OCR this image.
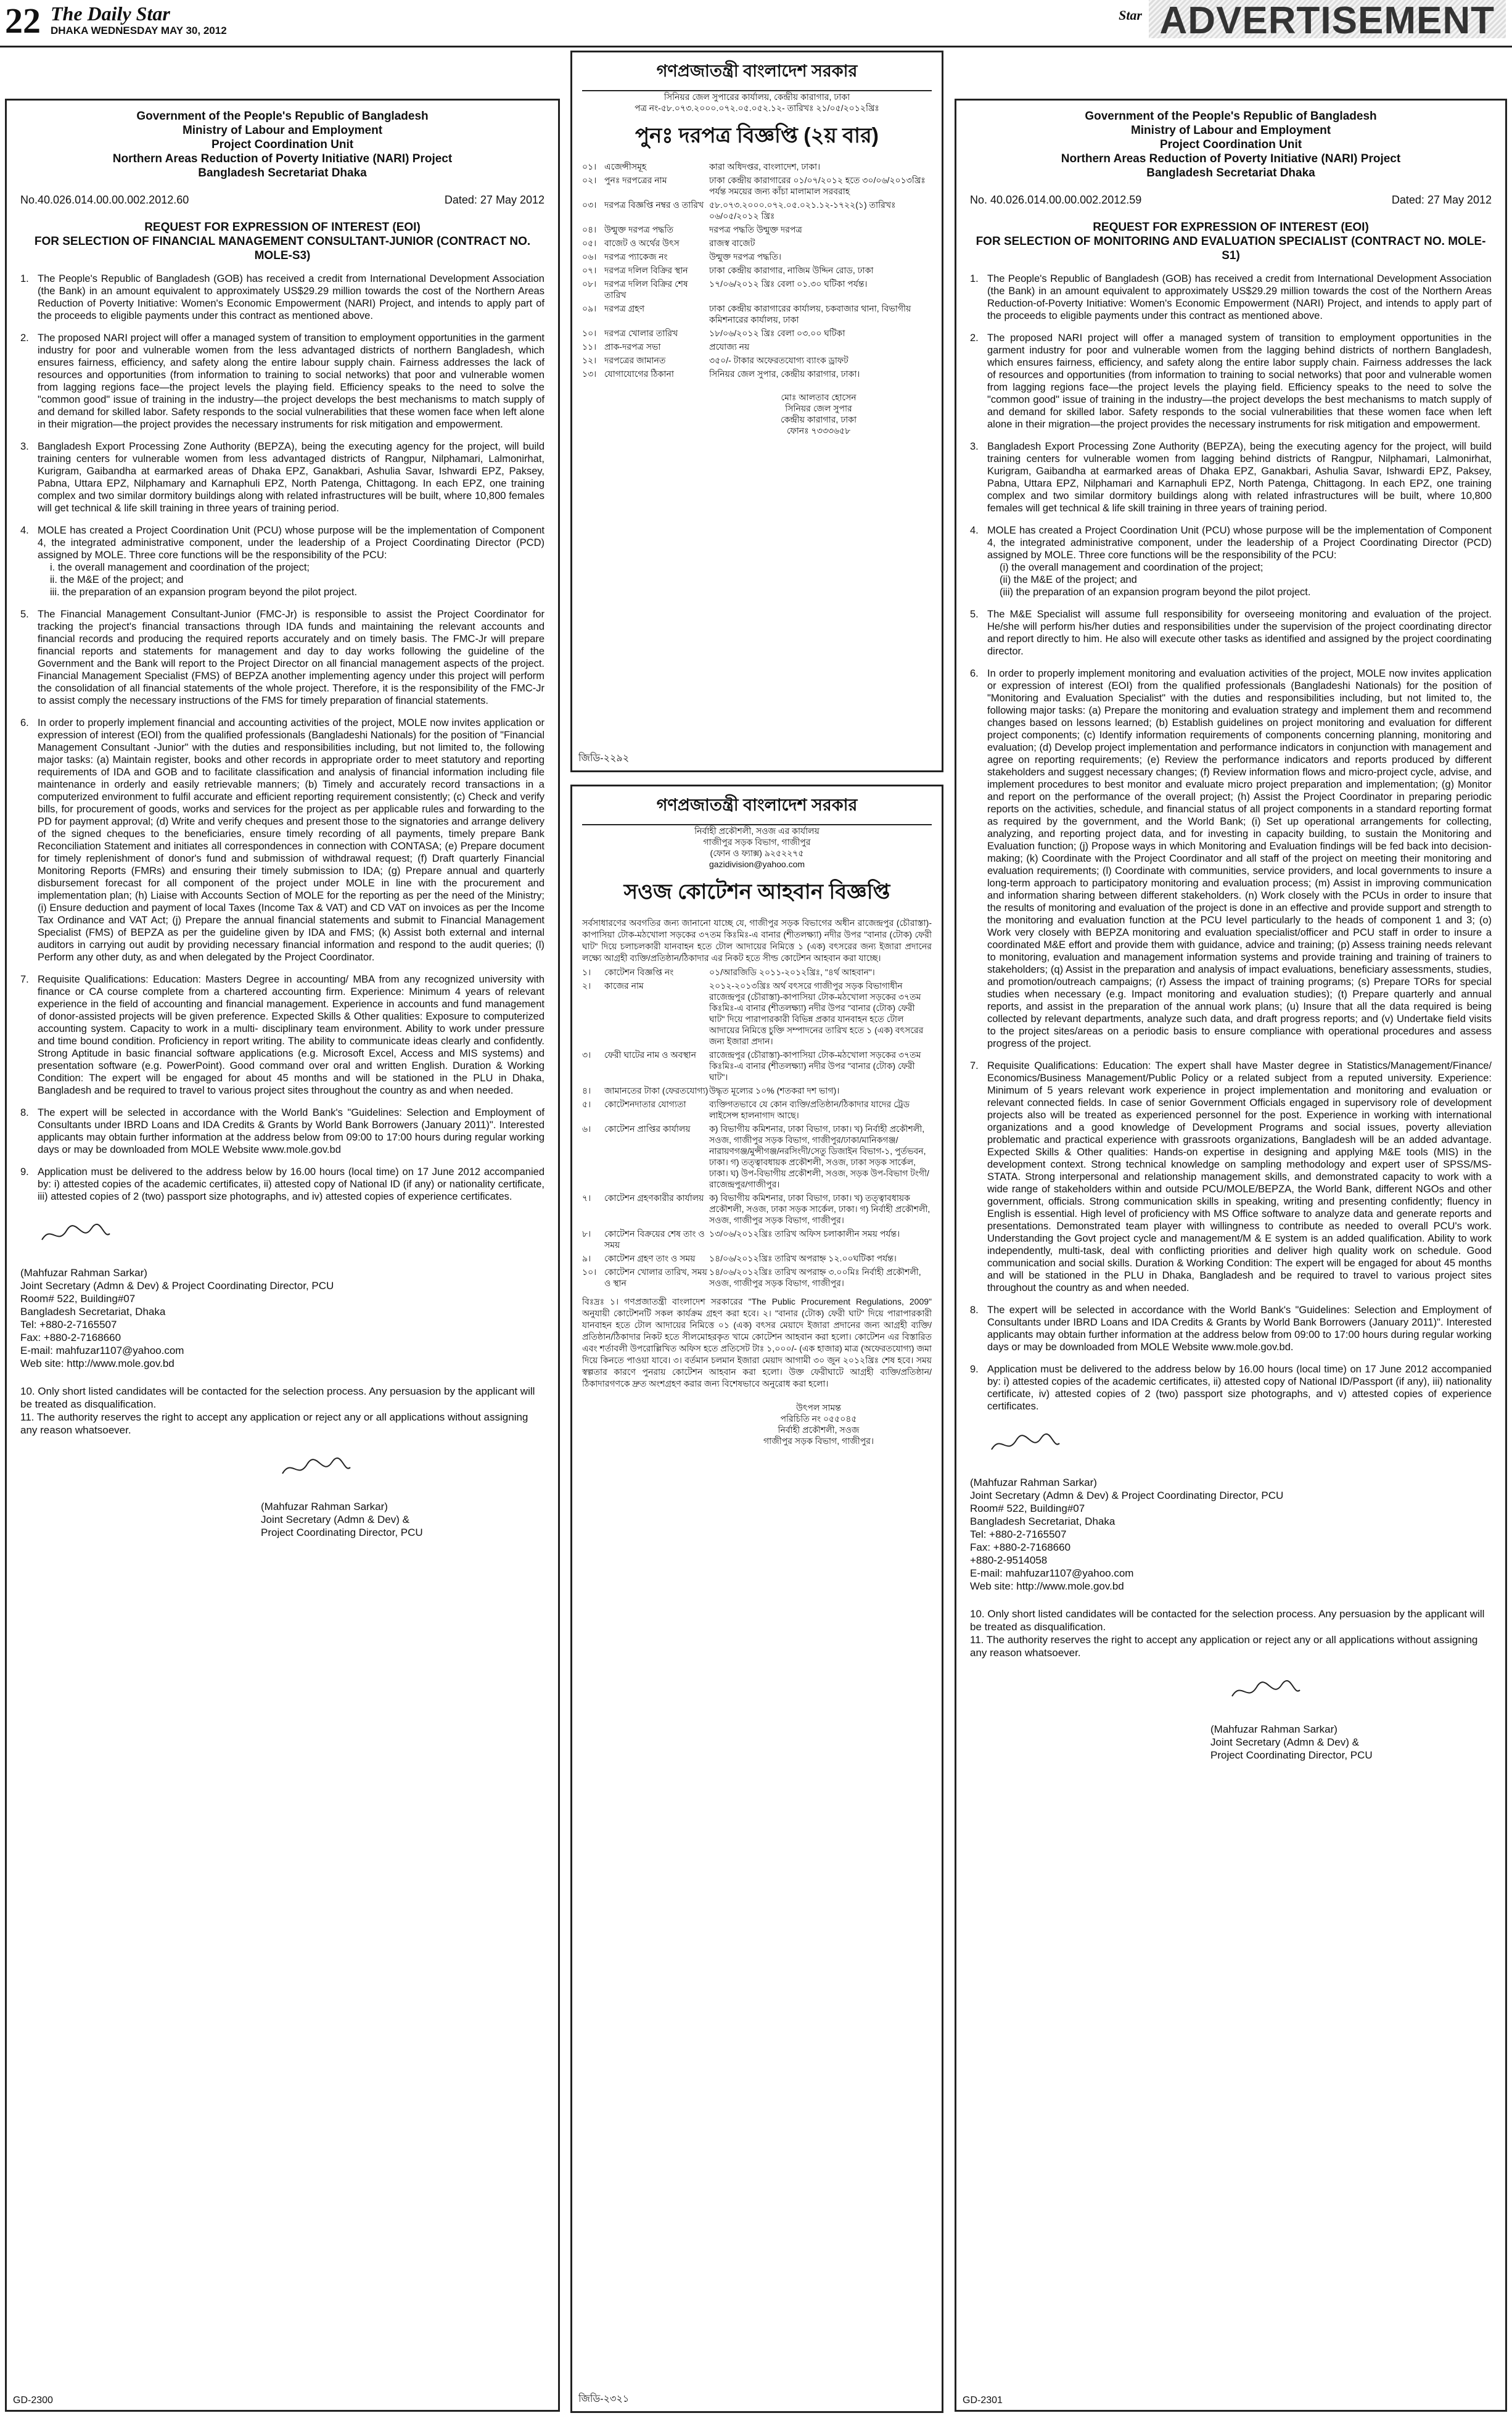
22 The Daily Star
DHAKA WEDNESDAY MAY 30, 2012
Star ADVERTISEMENT
Government of the People's Republic of Bangladesh
Ministry of Labour and Employment
Project Coordination Unit
Northern Areas Reduction of Poverty Initiative (NARI) Project
Bangladesh Secretariat Dhaka
No.40.026.014.00.00.002.2012.60	Dated: 27 May 2012
REQUEST FOR EXPRESSION OF INTEREST (EOI)
FOR SELECTION OF FINANCIAL MANAGEMENT CONSULTANT-JUNIOR (CONTRACT NO. MOLE-S3)
1. The People's Republic of Bangladesh (GOB) has received a credit from International Development Association (the Bank) in an amount equivalent to approximately US$29.29 million towards the cost of the Northern Areas Reduction of Poverty Initiative: Women's Economic Empowerment (NARI) Project, and intends to apply part of the proceeds to eligible payments under this contract as mentioned above.
2. The proposed NARI project will offer a managed system of transition to employment opportunities in the garment industry for poor and vulnerable women from the less advantaged districts of northern Bangladesh, which ensures fairness, efficiency, and safety along the entire labour supply chain. Fairness addresses the lack of resources and opportunities (from information to training to social networks) that poor and vulnerable women from lagging regions face—the project levels the playing field. Efficiency speaks to the need to solve the "common good" issue of training in the industry—the project develops the best mechanisms to match supply of and demand for skilled labor. Safety responds to the social vulnerabilities that these women face when left alone in their migration—the project provides the necessary instruments for risk mitigation and empowerment.
3. Bangladesh Export Processing Zone Authority (BEPZA), being the executing agency for the project, will build training centers for vulnerable women from less advantaged districts of Rangpur, Nilphamari, Lalmonirhat, Kurigram, Gaibandha at earmarked areas of Dhaka EPZ, Ganakbari, Ashulia Savar, Ishwardi EPZ, Paksey, Pabna, Uttara EPZ, Nilphamary and Karnaphuli EPZ, North Patenga, Chittagong. In each EPZ, one training complex and two similar dormitory buildings along with related infrastructures will be built, where 10,800 females will get technical & life skill training in three years of training period.
4. MOLE has created a Project Coordination Unit (PCU) whose purpose will be the implementation of Component 4, the integrated administrative component, under the leadership of a Project Coordinating Director (PCD) assigned by MOLE. Three core functions will be the responsibility of the PCU:
i. the overall management and coordination of the project;
ii. the M&E of the project; and
iii. the preparation of an expansion program beyond the pilot project.
5. The Financial Management Consultant-Junior (FMC-Jr) is responsible to assist the Project Coordinator for tracking the project's financial transactions through IDA funds and maintaining the relevant accounts and financial records and producing the required reports accurately and on timely basis. The FMC-Jr will prepare financial reports and statements for management and day to day works following the guideline of the Government and the Bank will report to the Project Director on all financial management aspects of the project. Financial Management Specialist (FMS) of BEPZA another implementing agency under this project will perform the consolidation of all financial statements of the whole project. Therefore, it is the responsibility of the FMC-Jr to assist comply the necessary instructions of the FMS for timely preparation of financial statements.
6. In order to properly implement financial and accounting activities of the project, MOLE now invites application or expression of interest (EOI) from the qualified professionals (Bangladeshi Nationals) for the position of "Financial Management Consultant -Junior" with the duties and responsibilities including, but not limited to, the following major tasks: (a) Maintain register, books and other records in appropriate order to meet statutory and reporting requirements of IDA and GOB and to facilitate classification and analysis of financial information including file maintenance in orderly and easily retrievable manners; (b) Timely and accurately record transactions in a computerized environment to fulfil accurate and efficient reporting requirement consistently; (c) Check and verify bills, for procurement of goods, works and services for the project as per applicable rules and forwarding to the PD for payment approval; (d) Write and verify cheques and present those to the signatories and arrange delivery of the signed cheques to the beneficiaries, ensure timely recording of all payments, timely prepare Bank Reconciliation Statement and initiates all correspondences in connection with CONTASA; (e) Prepare document for timely replenishment of donor's fund and submission of withdrawal request; (f) Draft quarterly Financial Monitoring Reports (FMRs) and ensuring their timely submission to IDA; (g) Prepare annual and quarterly disbursement forecast for all component of the project under MOLE in line with the procurement and implementation plan; (h) Liaise with Accounts Section of MOLE for the reporting as per the need of the Ministry; (i) Ensure deduction and payment of local Taxes (Income Tax & VAT) and CD VAT on invoices as per the Income Tax Ordinance and VAT Act; (j) Prepare the annual financial statements and submit to Financial Management Specialist (FMS) of BEPZA as per the guideline given by IDA and FMS; (k) Assist both external and internal auditors in carrying out audit by providing necessary financial information and respond to the audit queries; (l) Perform any other duty, as and when delegated by the Project Coordinator.
7. Requisite Qualifications: Education: Masters Degree in accounting/ MBA from any recognized university with finance or CA course complete from a chartered accounting firm. Experience: Minimum 4 years of relevant experience in the field of accounting and financial management. Experience in accounts and fund management of donor-assisted projects will be given preference. Expected Skills & Other qualities: Exposure to computerized accounting system. Capacity to work in a multi- disciplinary team environment. Ability to work under pressure and time bound condition. Proficiency in report writing. The ability to communicate ideas clearly and confidently. Strong Aptitude in basic financial software applications (e.g. Microsoft Excel, Access and MIS systems) and presentation software (e.g. PowerPoint). Good command over oral and written English. Duration & Working Condition: The expert will be engaged for about 45 months and will be stationed in the PLU in Dhaka, Bangladesh and be required to travel to various project sites throughout the country as and when needed.
8. The expert will be selected in accordance with the World Bank's "Guidelines: Selection and Employment of Consultants under IBRD Loans and IDA Credits & Grants by World Bank Borrowers (January 2011)". Interested applicants may obtain further information at the address below from 09:00 to 17:00 hours during regular working days or may be downloaded from MOLE Website www.mole.gov.bd
9. Application must be delivered to the address below by 16.00 hours (local time) on 17 June 2012 accompanied by: i) attested copies of the academic certificates, ii) attested copy of National ID (if any) or nationality certificate, iii) attested copies of 2 (two) passport size photographs, and iv) attested copies of experience certificates.
(Mahfuzar Rahman Sarkar)
Joint Secretary (Admn & Dev) & Project Coordinating Director, PCU
Room# 522, Building#07
Bangladesh Secretariat, Dhaka
Tel: +880-2-7165507
Fax: +880-2-7168660
E-mail: mahfuzar1107@yahoo.com
Web site: http://www.mole.gov.bd
10. Only short listed candidates will be contacted for the selection process. Any persuasion by the applicant will be treated as disqualification.
11. The authority reserves the right to accept any application or reject any or all applications without assigning any reason whatsoever.
(Mahfuzar Rahman Sarkar)
Joint Secretary (Admn & Dev) &
Project Coordinating Director, PCU
GD-2300
গণপ্রজাতন্ত্রী বাংলাদেশ সরকার
সিনিয়র জেল সুপারের কার্যালয়, কেন্দ্রীয় কারাগার, ঢাকা
পত্র নং-৫৮.০৭৩.২০০০.০৭২.০৫.০৫২.১২- তারিখঃ ২১/০৫/২০১২খ্রিঃ
পুনঃ দরপত্র বিজ্ঞপ্তি (২য় বার)
০১। এজেন্সীসমূহ	কারা অধিদপ্তর, বাংলাদেশ, ঢাকা।
০২। পুনঃ দরপত্রের নাম	ঢাকা কেন্দ্রীয় কারাগারের ০১/০৭/২০১২ হতে ৩০/০৬/২০১৩খ্রিঃ পর্যন্ত সময়ের জন্য কাঁচা মালামাল সরবরাহ
০৩। দরপত্র বিজ্ঞপ্তি নম্বর ও তারিখ ৫৮.০৭৩.২০০০.০৭২.০৫.০২১.১২-১৭২২(১) তারিখঃ ০৬/০৫/২০১২ খ্রিঃ
০৪। উন্মুক্ত দরপত্র পদ্ধতি	দরপত্র পদ্ধতি উন্মুক্ত দরপত্র
০৫। বাজেট ও অর্থের উৎস	রাজস্ব বাজেট
০৬। দরপত্র প্যাকেজ নং	উন্মুক্ত দরপত্র পদ্ধতি।
০৭। দরপত্র দলিল বিক্রির স্থান	ঢাকা কেন্দ্রীয় কারাগার, নাজিম উদ্দিন রোড, ঢাকা
০৮। দরপত্র দলিল বিক্রির শেষ তারিখ
১৭/০৬/২০১২ খ্রিঃ বেলা ০১.৩০ ঘটিকা পর্যন্ত।
০৯। দরপত্র গ্রহণ	ঢাকা কেন্দ্রীয় কারাগারের কার্যালয়, চকবাজার থানা, বিভাগীয় কমিশনারের কার্যালয়, ঢাকা
১০। দরপত্র খোলার তারিখ	১৮/০৬/২০১২ খ্রিঃ বেলা ০৩.০০ ঘটিকা
১১। প্রাক-দরপত্র সভা	প্রযোজ্য নয়
১২। দরপত্রের জামানত	৩৫০/- টাকার অফেরতযোগ্য ব্যাংক ড্রাফট
১৩। যোগাযোগের ঠিকানা	সিনিয়র জেল সুপার, কেন্দ্রীয় কারাগার, ঢাকা।
মোঃ আলতাব হোসেন
সিনিয়র জেল সুপার
কেন্দ্রীয় কারাগার, ঢাকা
ফোনঃ ৭৩৩৩৬৫৮
জিডি-২২৯২
গণপ্রজাতন্ত্রী বাংলাদেশ সরকার
নির্বাহী প্রকৌশলী, সওজ এর কার্যালয়
গাজীপুর সড়ক বিভাগ, গাজীপুর
(ফোন ও ফ্যাক্স) ৯২৫২২৭৫
gazidivision@yahoo.com
সওজ কোটেশন আহবান বিজ্ঞপ্তি
সর্বসাধারণের অবগতির জন্য জানানো যাচ্ছে যে, গাজীপুর সড়ক বিভাগের অধীন রাজেন্দ্রপুর (চৌরাস্তা)-কাপাসিয়া টোক-মঠখোলা সড়কের ৩৭তম কিঃমিঃ-এ বানার (শীতলক্ষ্যা) নদীর উপর "বানার (টোক) ফেরী ঘাট" দিয়ে চলাচলকারী যানবাহন হতে টোল আদায়ের নিমিত্তে ১ (এক) বৎসরের জন্য ইজারা প্রদানের লক্ষ্যে আগ্রহী ব্যক্তি/প্রতিষ্ঠান/ঠিকাদার এর নিকট হতে সীল্ড কোটেশন আহবান করা যাচ্ছে।
১।	কোটেশন বিজ্ঞপ্তি নং	০১/আরজিডি ২০১১-২০১২খ্রিঃ, "৪র্থ আহবান"।
২।	কাজের নাম	২০১২-২০১৩খ্রিঃ অর্থ বৎসরে গাজীপুর সড়ক বিভাগাধীন রাজেন্দ্রপুর (চৌরাস্তা)-কাপাসিয়া টোক-মঠখোলা সড়কের ৩৭তম কিঃমিঃ-এ বানার (শীতলক্ষ্যা) নদীর উপর "বানার (টোক) ফেরী ঘাট" দিয়ে পারাপারকারী বিভিন্ন প্রকার যানবাহন হতে টোল আদায়ের নিমিত্তে চুক্তি সম্পাদনের তারিখ হতে ১ (এক) বৎসরের জন্য ইজারা প্রদান।
৩।	ফেরী ঘাটের নাম ও অবস্থান	রাজেন্দ্রপুর (চৌরাস্তা)-কাপাসিয়া টোক-মঠখোলা সড়কের ৩৭তম কিঃমিঃ-এ বানার (শীতলক্ষ্যা) নদীর উপর "বানার (টোক) ফেরী ঘাট"।
৪।	জামানতের টাকা (ফেরতযোগ্য) উদ্ধৃত মূল্যের ১০% (শতকরা দশ ভাগ)।
৫।	কোটেশনদাতার যোগ্যতা	ব্যক্তিগতভাবে যে কোন ব্যক্তি/প্রতিষ্ঠান/ঠিকাদার যাদের ট্রেড লাইসেন্স হালনাগাদ আছে।
৬।	কোটেশন প্রাপ্তির কার্যালয়	ক) বিভাগীয় কমিশনার, ঢাকা বিভাগ, ঢাকা। খ) নির্বাহী প্রকৌশলী, সওজ, গাজীপুর সড়ক বিভাগ, গাজীপুর/ঢাকা/মানিকগঞ্জ/নারায়ণগঞ্জ/মুন্সীগঞ্জ/নরসিংদী/সেতু ডিজাইন বিভাগ-১, পুর্তভবন, ঢাকা। গ) তত্ত্বাবধায়ক প্রকৌশলী, সওজ, ঢাকা সড়ক সার্কেল, ঢাকা। ঘ) উপ-বিভাগীয় প্রকৌশলী, সওজ, সড়ক উপ-বিভাগ টংগী/রাজেন্দ্রপুর/গাজীপুর।
৭।	কোটেশন গ্রহণকারীর কার্যালয় ক) বিভাগীয় কমিশনার, ঢাকা বিভাগ, ঢাকা। খ) তত্ত্বাবধায়ক প্রকৌশলী, সওজ, ঢাকা সড়ক সার্কেল, ঢাকা। গ) নির্বাহী প্রকৌশলী, সওজ, গাজীপুর সড়ক বিভাগ, গাজীপুর।
৮।	কোটেশন বিক্রয়ের শেষ তাং ও সময়
১৩/০৬/২০১২খ্রিঃ তারিখ অফিস চলাকালীন সময় পর্যন্ত।
৯।	কোটেশন গ্রহণ তাং ও সময়	১৪/০৬/২০১২খ্রিঃ তারিখ অপরাহ্ন ১২.০০ঘটিকা পর্যন্ত।
১০। কোটেশন খোলার তারিখ, সময় ও স্থান
১৪/০৬/২০১২খ্রিঃ তারিখ অপরাহ্ন ৩.০০মিঃ নির্বাহী প্রকৌশলী, সওজ, গাজীপুর সড়ক বিভাগ, গাজীপুর।
বিঃদ্রঃ ১। গণপ্রজাতন্ত্রী বাংলাদেশ সরকারের "The Public Procurement Regulations, 2009" অনুযায়ী কোটেশনটি সকল কার্যক্রম গ্রহণ করা হবে। ২। "বানার (টোক) ফেরী ঘাট" দিয়ে পারাপারকারী যানবাহন হতে টোল আদায়ের নিমিত্তে ০১ (এক) বৎসর মেয়াদে ইজারা প্রদানের জন্য আগ্রহী ব্যক্তি/প্রতিষ্ঠান/ঠিকাদার নিকট হতে সীলমোহরকৃত খামে কোটেশন আহবান করা হলো। কোটেশন এর বিস্তারিত এবং শর্তাবলী উপরোল্লিখিত অফিস হতে প্রতিসেট টাঃ ১,০০০/- (এক হাজার) মাত্র (অফেরতযোগ্য) জমা দিয়ে কিনতে পাওয়া যাবে। ৩। বর্তমান চলমান ইজারা মেয়াদ আগামী ৩০ জুন ২০১২খ্রিঃ শেষ হবে। সময় স্বল্পতার কারণে পুনরায় কোটেশন আহবান করা হলো। উক্ত ফেরীঘাটে আগ্রহী ব্যক্তি/প্রতিষ্ঠান/ঠিকাদারগণকে দ্রুত অংশগ্রহণ করার জন্য বিশেষভাবে অনুরোধ করা হলো।
উৎপল সামন্ত
পরিচিতি নং ০৫৫০৪৫
নির্বাহী প্রকৌশলী, সওজ
গাজীপুর সড়ক বিভাগ, গাজীপুর।
জিডি-২৩২১
Government of the People's Republic of Bangladesh
Ministry of Labour and Employment
Project Coordination Unit
Northern Areas Reduction of Poverty Initiative (NARI) Project
Bangladesh Secretariat Dhaka
No. 40.026.014.00.00.002.2012.59	Dated: 27 May 2012
REQUEST FOR EXPRESSION OF INTEREST (EOI)
FOR SELECTION OF MONITORING AND EVALUATION SPECIALIST (CONTRACT NO. MOLE-S1)
1. The People's Republic of Bangladesh (GOB) has received a credit from International Development Association (the Bank) in an amount equivalent to approximately US$29.29 million towards the cost of the Northern Areas Reduction-of-Poverty Initiative: Women's Economic Empowerment (NARI) Project, and intends to apply part of the proceeds to eligible payments under this contract as mentioned above.
2. The proposed NARI project will offer a managed system of transition to employment opportunities in the garment industry for poor and vulnerable women from the lagging behind districts of northern Bangladesh, which ensures fairness, efficiency, and safety along the entire labor supply chain. Fairness addresses the lack of resources and opportunities (from information to training to social networks) that poor and vulnerable women from lagging regions face—the project levels the playing field. Efficiency speaks to the need to solve the "common good" issue of training in the industry—the project develops the best mechanisms to match supply of and demand for skilled labor. Safety responds to the social vulnerabilities that these women face when left alone in their migration—the project provides the necessary instruments for risk mitigation and empowerment.
3. Bangladesh Export Processing Zone Authority (BEPZA), being the executing agency for the project, will build training centers for vulnerable women from lagging behind districts of Rangpur, Nilphamari, Lalmonirhat, Kurigram, Gaibandha at earmarked areas of Dhaka EPZ, Ganakbari, Ashulia Savar, Ishwardi EPZ, Paksey, Pabna, Uttara EPZ, Nilphamari and Karnaphuli EPZ, North Patenga, Chittagong. In each EPZ, one training complex and two similar dormitory buildings along with related infrastructures will be built, where 10,800 females will get technical & life skill training in three years of training period.
4. MOLE has created a Project Coordination Unit (PCU) whose purpose will be the implementation of Component 4, the integrated administrative component, under the leadership of a Project Coordinating Director (PCD) assigned by MOLE. Three core functions will be the responsibility of the PCU:
(i) the overall management and coordination of the project;
(ii) the M&E of the project; and
(iii) the preparation of an expansion program beyond the pilot project.
5. The M&E Specialist will assume full responsibility for overseeing monitoring and evaluation of the project. He/she will perform his/her duties and responsibilities under the supervision of the project coordinating director and report directly to him. He also will execute other tasks as identified and assigned by the project coordinating director.
6. In order to properly implement monitoring and evaluation activities of the project, MOLE now invites application or expression of interest (EOI) from the qualified professionals (Bangladeshi Nationals) for the position of "Monitoring and Evaluation Specialist" with the duties and responsibilities including, but not limited to, the following major tasks: (a) Prepare the monitoring and evaluation strategy and implement them and recommend changes based on lessons learned; (b) Establish guidelines on project monitoring and evaluation for different project components; (c) Identify information requirements of components concerning planning, monitoring and evaluation; (d) Develop project implementation and performance indicators in conjunction with management and agree on reporting requirements; (e) Review the performance indicators and reports produced by different stakeholders and suggest necessary changes; (f) Review information flows and micro-project cycle, advise, and implement procedures to best monitor and evaluate micro project preparation and implementation; (g) Monitor and report on the performance of the overall project; (h) Assist the Project Coordinator in preparing periodic reports on the activities, schedule, and financial status of all project components in a standard reporting format as required by the government, and the World Bank; (i) Set up operational arrangements for collecting, analyzing, and reporting project data, and for investing in capacity building, to sustain the Monitoring and Evaluation function; (j) Propose ways in which Monitoring and Evaluation findings will be fed back into decision-making; (k) Coordinate with the Project Coordinator and all staff of the project on meeting their monitoring and evaluation requirements; (l) Coordinate with communities, service providers, and local governments to insure a long-term approach to participatory monitoring and evaluation process; (m) Assist in improving communication and information sharing between different stakeholders. (n) Work closely with the PCUs in order to insure that the results of monitoring and evaluation of the project is done in an effective and provide support and strength to the monitoring and evaluation function at the PCU level particularly to the heads of component 1 and 3; (o) Work very closely with BEPZA monitoring and evaluation specialist/officer and PCU staff in order to insure a coordinated M&E effort and provide them with guidance, advice and training; (p) Assess training needs relevant to monitoring, evaluation and management information systems and provide training and training of trainers to stakeholders; (q) Assist in the preparation and analysis of impact evaluations, beneficiary assessments, studies, and promotion/outreach campaigns; (r) Assess the impact of training programs; (s) Prepare TORs for special studies when necessary (e.g. Impact monitoring and evaluation studies); (t) Prepare quarterly and annual reports, and assist in the preparation of the annual work plans; (u) Insure that all the data required is being collected by relevant departments, analyze such data, and draft progress reports; and (v) Undertake field visits to the project sites/areas on a periodic basis to ensure compliance with operational procedures and assess progress of the project.
7. Requisite Qualifications: Education: The expert shall have Master degree in Statistics/Management/Finance/ Economics/Business Management/Public Policy or a related subject from a reputed university. Experience: Minimum of 5 years relevant work experience in project implementation and monitoring and evaluation or relevant connected fields. In case of senior Government Officials engaged in supervisory role of development projects also will be treated as experienced personnel for the post. Experience in working with international organizations and a good knowledge of Development Programs and social issues, poverty alleviation problematic and practical experience with grassroots organizations, Bangladesh will be an added advantage. Expected Skills & Other qualities: Hands-on expertise in designing and applying M&E tools (MIS) in the development context. Strong technical knowledge on sampling methodology and expert user of SPSS/MS-STATA. Strong interpersonal and relationship management skills, and demonstrated capacity to work with a wide range of stakeholders within and outside PCU/MOLE/BEPZA, the World Bank, different NGOs and other government, officials. Strong communication skills in speaking, writing and presenting confidently; fluency in English is essential. High level of proficiency with MS Office software to analyze data and generate reports and presentations. Demonstrated team player with willingness to contribute as needed to overall PCU's work. Understanding the Govt project cycle and management/M & E system is an added qualification. Ability to work independently, multi-task, deal with conflicting priorities and deliver high quality work on schedule. Good communication and social skills. Duration & Working Condition: The expert will be engaged for about 45 months and will be stationed in the PLU in Dhaka, Bangladesh and be required to travel to various project sites throughout the country as and when needed.
8. The expert will be selected in accordance with the World Bank's "Guidelines: Selection and Employment of Consultants under IBRD Loans and IDA Credits & Grants by World Bank Borrowers (January 2011)". Interested applicants may obtain further information at the address below from 09:00 to 17:00 hours during regular working days or may be downloaded from MOLE Website www.mole.gov.bd.
9. Application must be delivered to the address below by 16.00 hours (local time) on 17 June 2012 accompanied by: i) attested copies of the academic certificates, ii) attested copy of National ID/Passport (if any), iii) nationality certificate, iv) attested copies of 2 (two) passport size photographs, and v) attested copies of experience certificates.
(Mahfuzar Rahman Sarkar)
Joint Secretary (Admn & Dev) & Project Coordinating Director, PCU
Room# 522, Building#07
Bangladesh Secretariat, Dhaka
Tel: +880-2-7165507
Fax: +880-2-7168660
+880-2-9514058
E-mail: mahfuzar1107@yahoo.com
Web site: http://www.mole.gov.bd
10. Only short listed candidates will be contacted for the selection process. Any persuasion by the applicant will be treated as disqualification.
11. The authority reserves the right to accept any application or reject any or all applications without assigning any reason whatsoever.
(Mahfuzar Rahman Sarkar)
Joint Secretary (Admn & Dev) &
Project Coordinating Director, PCU
GD-2301
